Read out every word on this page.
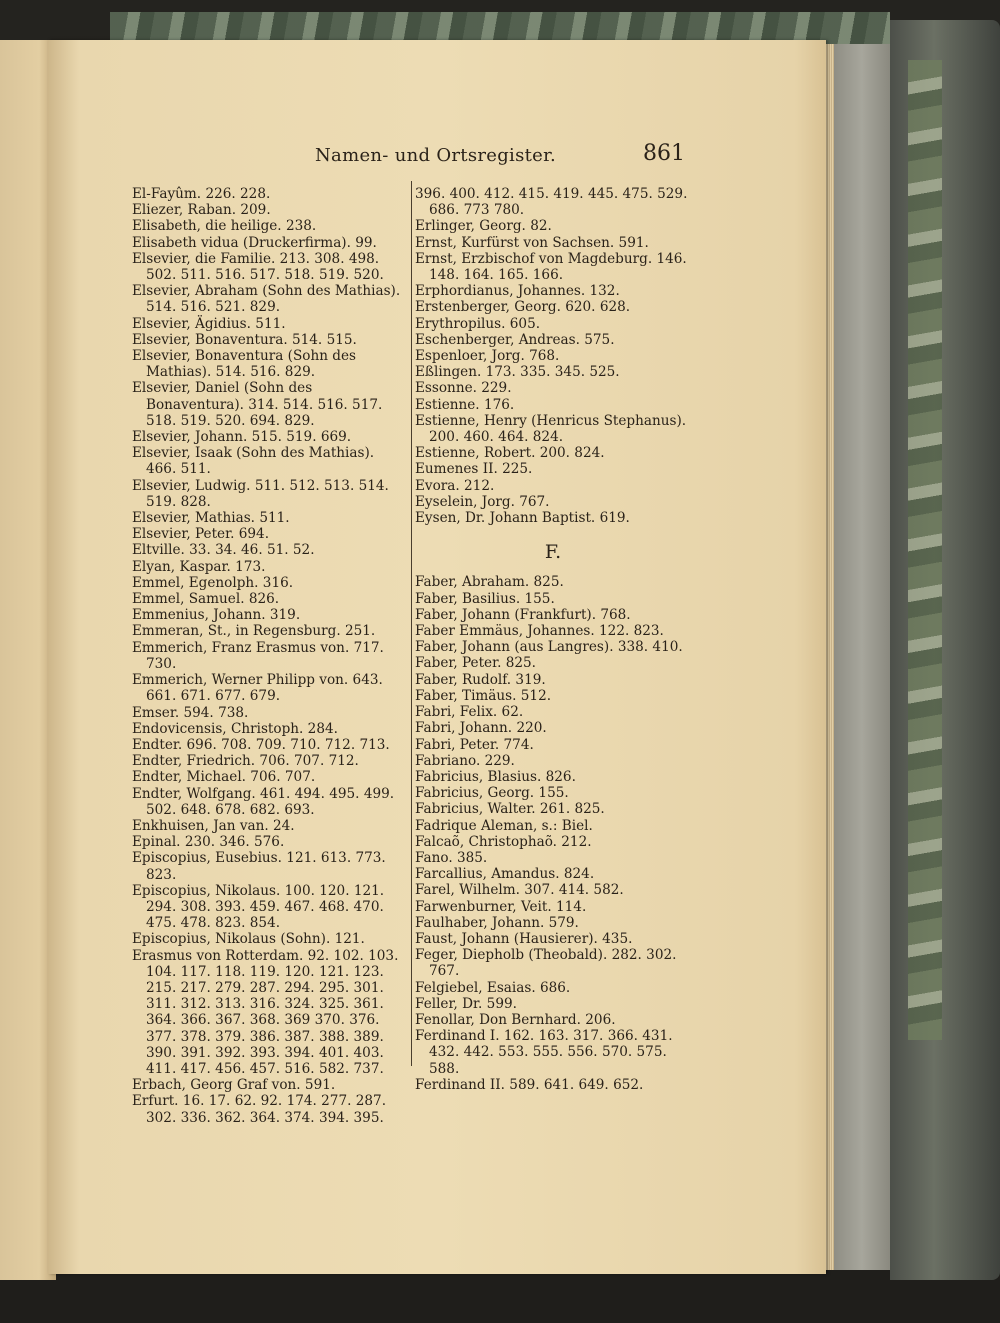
Namen- und Ortsregister.	861

El-Fayûm. 226. 228.

Eliezer, Raban. 209.

Elisabeth, die heilige. 238.

Elisabeth vidua (Druckerfirma). 99.

Elsevier, die Familie. 213. 308. 498. 502. 511. 516. 517. 518. 519. 520.

Elsevier, Abraham (Sohn des Mathias). 514. 516. 521. 829.

Elsevier, Ägidius. 511.

Elsevier, Bonaventura. 514. 515.

Elsevier, Bonaventura (Sohn des Mathias). 514. 516. 829.

Elsevier, Daniel (Sohn des Bonaventura). 314. 514. 516. 517. 518. 519. 520. 694. 829.

Elsevier, Johann. 515. 519. 669.

Elsevier, Isaak (Sohn des Mathias). 466. 511.

Elsevier, Ludwig. 511. 512. 513. 514. 519. 828.

Elsevier, Mathias. 511.

Elsevier, Peter. 694.

Eltville. 33. 34. 46. 51. 52.

Elyan, Kaspar. 173.

Emmel, Egenolph. 316.

Emmel, Samuel. 826.

Emmenius, Johann. 319.

Emmeran, St., in Regensburg. 251.

Emmerich, Franz Erasmus von. 717. 730.

Emmerich, Werner Philipp von. 643. 661. 671. 677. 679.

Emser. 594. 738.

Endovicensis, Christoph. 284.

Endter. 696. 708. 709. 710. 712. 713.

Endter, Friedrich. 706. 707. 712.

Endter, Michael. 706. 707.

Endter, Wolfgang. 461. 494. 495. 499. 502. 648. 678. 682. 693.

Enkhuisen, Jan van. 24.

Epinal. 230. 346. 576.

Episcopius, Eusebius. 121. 613. 773. 823.

Episcopius, Nikolaus. 100. 120. 121. 294. 308. 393. 459. 467. 468. 470. 475. 478. 823. 854.

Episcopius, Nikolaus (Sohn). 121.

Erasmus von Rotterdam. 92. 102. 103. 104. 117. 118. 119. 120. 121. 123. 215. 217. 279. 287. 294. 295. 301. 311. 312. 313. 316. 324. 325. 361. 364. 366. 367. 368. 369 370. 376. 377. 378. 379. 386. 387. 388. 389. 390. 391. 392. 393. 394. 401. 403. 411. 417. 456. 457. 516. 582. 737.

Erbach, Georg Graf von. 591.

Erfurt. 16. 17. 62. 92. 174. 277. 287. 302. 336. 362. 364. 374. 394. 395.

396. 400. 412. 415. 419. 445. 475. 529. 686. 773 780.

Erlinger, Georg. 82.

Ernst, Kurfürst von Sachsen. 591.

Ernst, Erzbischof von Magdeburg. 146. 148. 164. 165. 166.

Erphordianus, Johannes. 132.

Erstenberger, Georg. 620. 628.

Erythropilus. 605.

Eschenberger, Andreas. 575.

Espenloer, Jorg. 768.

Eßlingen. 173. 335. 345. 525.

Essonne. 229.

Estienne. 176.

Estienne, Henry (Henricus Stephanus). 200. 460. 464. 824.

Estienne, Robert. 200. 824.

Eumenes II. 225.

Evora. 212.

Eyselein, Jorg. 767.

Eysen, Dr. Johann Baptist. 619.

F.

Faber, Abraham. 825.

Faber, Basilius. 155.

Faber, Johann (Frankfurt). 768.

Faber Emmäus, Johannes. 122. 823.

Faber, Johann (aus Langres). 338. 410.

Faber, Peter. 825.

Faber, Rudolf. 319.

Faber, Timäus. 512.

Fabri, Felix. 62.

Fabri, Johann. 220.

Fabri, Peter. 774.

Fabriano. 229.

Fabricius, Blasius. 826.

Fabricius, Georg. 155.

Fabricius, Walter. 261. 825.

Fadrique Aleman, s.: Biel.

Falcaõ, Christophaõ. 212.

Fano. 385.

Farcallius, Amandus. 824.

Farel, Wilhelm. 307. 414. 582.

Farwenburner, Veit. 114.

Faulhaber, Johann. 579.

Faust, Johann (Hausierer). 435.

Feger, Diepholb (Theobald). 282. 302. 767.

Felgiebel, Esaias. 686.

Feller, Dr. 599.

Fenollar, Don Bernhard. 206.

Ferdinand I. 162. 163. 317. 366. 431. 432. 442. 553. 555. 556. 570. 575. 588.

Ferdinand II. 589. 641. 649. 652.
